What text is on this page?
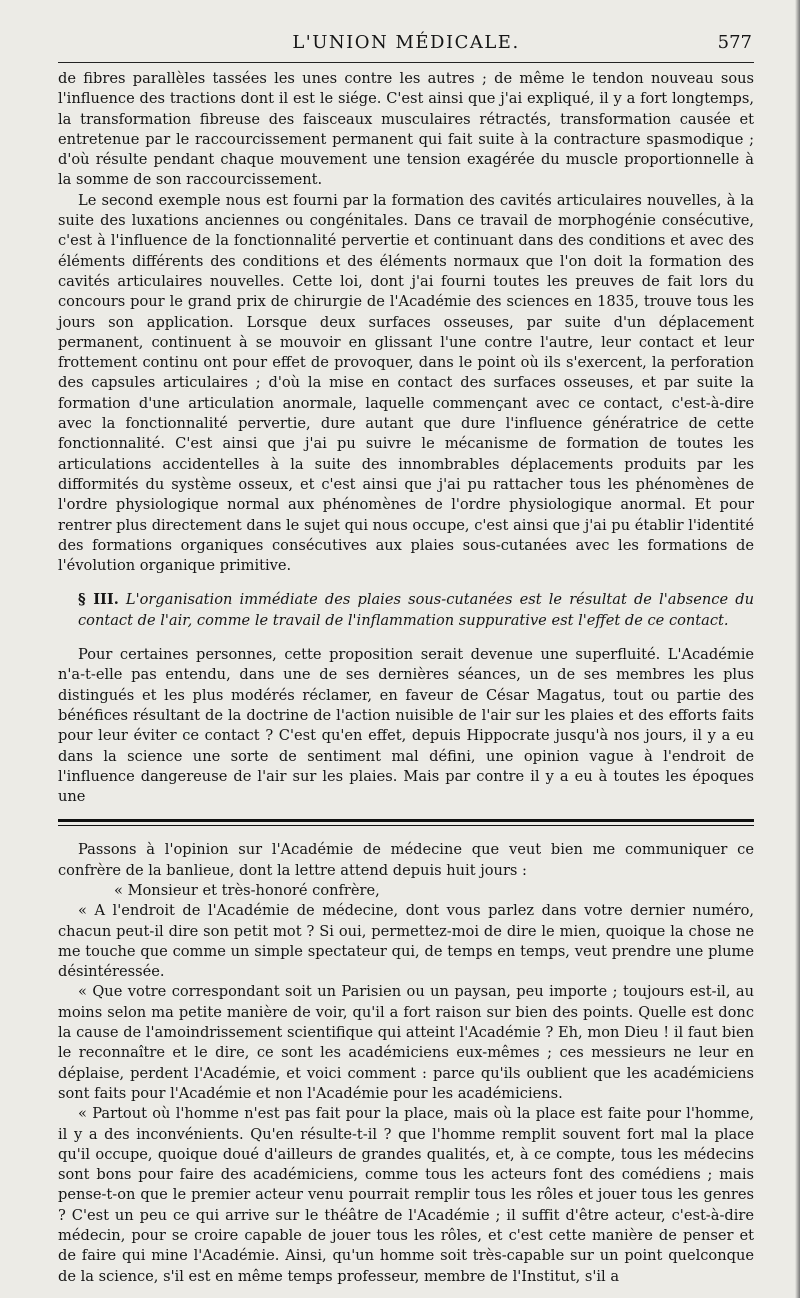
L'UNION MÉDICALE.	577

de fibres parallèles tassées les unes contre les autres ; de même le tendon nouveau sous l'influence des tractions dont il est le siége. C'est ainsi que j'ai expliqué, il y a fort longtemps, la transformation fibreuse des faisceaux musculaires rétractés, transformation causée et entretenue par le raccourcissement permanent qui fait suite à la contracture spasmodique ; d'où résulte pendant chaque mouvement une tension exagérée du muscle proportionnelle à la somme de son raccourcissement.

Le second exemple nous est fourni par la formation des cavités articulaires nouvelles, à la suite des luxations anciennes ou congénitales. Dans ce travail de morphogénie consécutive, c'est à l'influence de la fonctionnalité pervertie et continuant dans des conditions et avec des éléments différents des conditions et des éléments normaux que l'on doit la formation des cavités articulaires nouvelles. Cette loi, dont j'ai fourni toutes les preuves de fait lors du concours pour le grand prix de chirurgie de l'Académie des sciences en 1835, trouve tous les jours son application. Lorsque deux surfaces osseuses, par suite d'un déplacement permanent, continuent à se mouvoir en glissant l'une contre l'autre, leur contact et leur frottement continu ont pour effet de provoquer, dans le point où ils s'exercent, la perforation des capsules articulaires ; d'où la mise en contact des surfaces osseuses, et par suite la formation d'une articulation anormale, laquelle commençant avec ce contact, c'est-à-dire avec la fonctionnalité pervertie, dure autant que dure l'influence génératrice de cette fonctionnalité. C'est ainsi que j'ai pu suivre le mécanisme de formation de toutes les articulations accidentelles à la suite des innombrables déplacements produits par les difformités du système osseux, et c'est ainsi que j'ai pu rattacher tous les phénomènes de l'ordre physiologique normal aux phénomènes de l'ordre physiologique anormal. Et pour rentrer plus directement dans le sujet qui nous occupe, c'est ainsi que j'ai pu établir l'identité des formations organiques consécutives aux plaies sous-cutanées avec les formations de l'évolution organique primitive.

§ III. L'organisation immédiate des plaies sous-cutanées est le résultat de l'absence du contact de l'air, comme le travail de l'inflammation suppurative est l'effet de ce contact.

Pour certaines personnes, cette proposition serait devenue une superfluité. L'Académie n'a-t-elle pas entendu, dans une de ses dernières séances, un de ses membres les plus distingués et les plus modérés réclamer, en faveur de César Magatus, tout ou partie des bénéfices résultant de la doctrine de l'action nuisible de l'air sur les plaies et des efforts faits pour leur éviter ce contact ? C'est qu'en effet, depuis Hippocrate jusqu'à nos jours, il y a eu dans la science une sorte de sentiment mal défini, une opinion vague à l'endroit de l'influence dangereuse de l'air sur les plaies. Mais par contre il y a eu à toutes les époques une

Passons à l'opinion sur l'Académie de médecine que veut bien me communiquer ce confrère de la banlieue, dont la lettre attend depuis huit jours :

« Monsieur et très-honoré confrère,

« A l'endroit de l'Académie de médecine, dont vous parlez dans votre dernier numéro, chacun peut-il dire son petit mot ? Si oui, permettez-moi de dire le mien, quoique la chose ne me touche que comme un simple spectateur qui, de temps en temps, veut prendre une plume désintéressée.

« Que votre correspondant soit un Parisien ou un paysan, peu importe ; toujours est-il, au moins selon ma petite manière de voir, qu'il a fort raison sur bien des points. Quelle est donc la cause de l'amoindrissement scientifique qui atteint l'Académie ? Eh, mon Dieu ! il faut bien le reconnaître et le dire, ce sont les académiciens eux-mêmes ; ces messieurs ne leur en déplaise, perdent l'Académie, et voici comment : parce qu'ils oublient que les académiciens sont faits pour l'Académie et non l'Académie pour les académiciens.

« Partout où l'homme n'est pas fait pour la place, mais où la place est faite pour l'homme, il y a des inconvénients. Qu'en résulte-t-il ? que l'homme remplit souvent fort mal la place qu'il occupe, quoique doué d'ailleurs de grandes qualités, et, à ce compte, tous les médecins sont bons pour faire des académiciens, comme tous les acteurs font des comédiens ; mais pense-t-on que le premier acteur venu pourrait remplir tous les rôles et jouer tous les genres ? C'est un peu ce qui arrive sur le théâtre de l'Académie ; il suffit d'être acteur, c'est-à-dire médecin, pour se croire capable de jouer tous les rôles, et c'est cette manière de penser et de faire qui mine l'Académie. Ainsi, qu'un homme soit très-capable sur un point quelconque de la science, s'il est en même temps professeur, membre de l'Institut, s'il a
